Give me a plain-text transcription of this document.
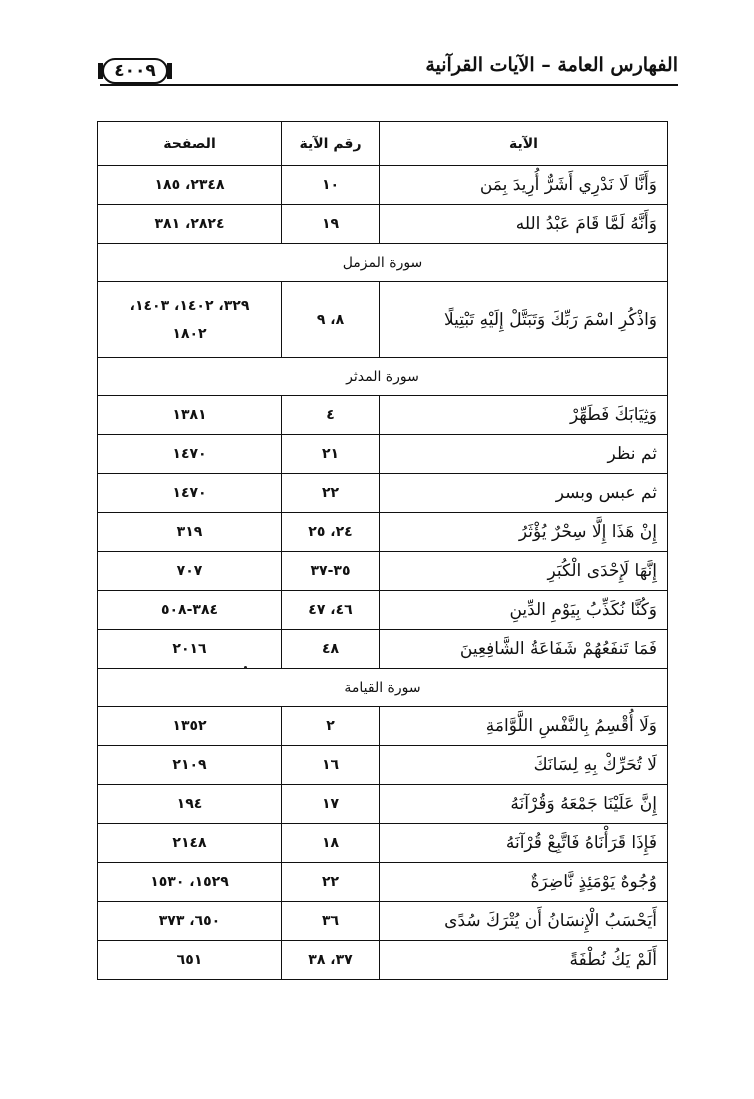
٤٠٠٩	الفهارس العامة – الآيات القرآنية
الآية	رقم الآية	الصفحة
وَأَنَّا لَا نَدْرِي أَشَرٌّ أُرِيدَ بِمَن	١٠	٢٣٤٨، ١٨٥
وَأَنَّهُ لَمَّا قَامَ عَبْدُ الله	١٩	٢٨٢٤، ٣٨١
سورة المزمل		
وَاذْكُرِ اسْمَ رَبِّكَ وَتَبَتَّلْ إِلَيْهِ تَبْتِيلًا	٨، ٩	٣٢٩، ١٤٠٢، ١٤٠٣،
١٨٠٢

سورة المدثر		
وَثِيَابَكَ فَطَهِّرْ	٤	١٣٨١
ثم نظر	٢١	١٤٧٠
ثم عبس وبسر	٢٢	١٤٧٠
إِنْ هَذَا إِلَّا سِحْرٌ يُؤْثَرُ	٢٤، ٢٥	٣١٩
إِنَّهَا لَإِحْدَى الْكُبَرِ	٣٥-٣٧	٧٠٧
وَكُنَّا نُكَذِّبُ بِيَوْمِ الدِّينِ	٤٦، ٤٧	٣٨٤-٥٠٨
فَمَا تَنفَعُهُمْ شَفَاعَةُ الشَّافِعِينَ	٤٨	٢٠١٦
سورة القيامة		
وَلَا أُقْسِمُ بِالنَّفْسِ اللَّوَّامَةِ	٢	١٣٥٢
لَا تُحَرِّكْ بِهِ لِسَانَكَ	١٦	٢١٠٩
إِنَّ عَلَيْنَا جَمْعَهُ وَقُرْآنَهُ	١٧	١٩٤
فَإِذَا قَرَأْنَاهُ فَاتَّبِعْ قُرْآنَهُ	١٨	٢١٤٨
وُجُوهٌ يَوْمَئِذٍ نَّاضِرَةٌ	٢٢	١٥٢٩، ١٥٣٠
أَيَحْسَبُ الْإِنسَانُ أَن يُتْرَكَ سُدًى	٣٦	٦٥٠، ٣٧٣
أَلَمْ يَكُ نُطْفَةً	٣٧، ٣٨	٦٥١
